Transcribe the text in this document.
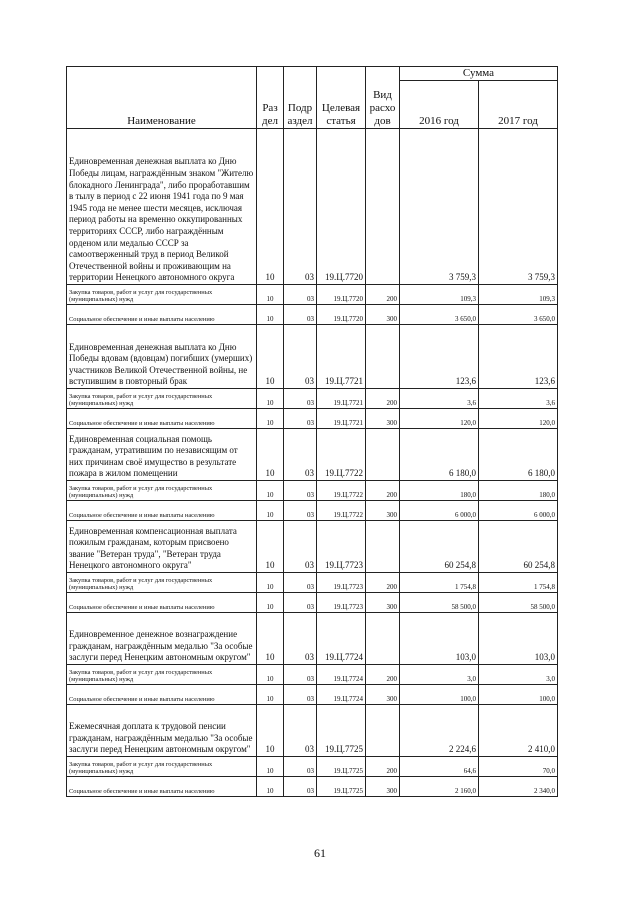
Наименование	Раз дел	Подр аздел	Целевая статья	Вид расхо дов	Сумма	
					2016 год	2017 год
Единовременная денежная выплата ко Дню Победы лицам, награждённым знаком "Жителю блокадного Ленинграда", либо проработавшим в тылу в период с 22 июня 1941 года по 9 мая 1945 года не менее шести месяцев, исключая период работы на временно оккупированных территориях СССР, либо награждённым орденом или медалью СССР за самоотверженный труд в период Великой Отечественной войны и проживающим на территории Ненецкого автономного округа	10	03	19.Ц.7720		3 759,3	3 759,3
Закупка товаров, работ и услуг для государственных (муниципальных) нужд	10	03	19.Ц.7720	200	109,3	109,3
Социальное обеспечение и иные выплаты населению	10	03	19.Ц.7720	300	3 650,0	3 650,0
Единовременная денежная выплата ко Дню Победы вдовам (вдовцам) погибших (умерших) участников Великой Отечественной войны, не вступившим в повторный брак	10	03	19.Ц.7721		123,6	123,6
Закупка товаров, работ и услуг для государственных (муниципальных) нужд	10	03	19.Ц.7721	200	3,6	3,6
Социальное обеспечение и иные выплаты населению	10	03	19.Ц.7721	300	120,0	120,0
Единовременная социальная помощь гражданам, утратившим по независящим от них причинам своё имущество в результате пожара в жилом помещении	10	03	19.Ц.7722		6 180,0	6 180,0
Закупка товаров, работ и услуг для государственных (муниципальных) нужд	10	03	19.Ц.7722	200	180,0	180,0
Социальное обеспечение и иные выплаты населению	10	03	19.Ц.7722	300	6 000,0	6 000,0
Единовременная компенсационная выплата пожилым гражданам, которым присвоено звание "Ветеран труда", "Ветеран труда Ненецкого автономного округа"	10	03	19.Ц.7723		60 254,8	60 254,8
Закупка товаров, работ и услуг для государственных (муниципальных) нужд	10	03	19.Ц.7723	200	1 754,8	1 754,8
Социальное обеспечение и иные выплаты населению	10	03	19.Ц.7723	300	58 500,0	58 500,0
Единовременное денежное вознаграждение гражданам, награждённым медалью "За особые заслуги перед Ненецким автономным округом"	10	03	19.Ц.7724		103,0	103,0
Закупка товаров, работ и услуг для государственных (муниципальных) нужд	10	03	19.Ц.7724	200	3,0	3,0
Социальное обеспечение и иные выплаты населению	10	03	19.Ц.7724	300	100,0	100,0
Ежемесячная доплата к трудовой пенсии гражданам, награждённым медалью "За особые заслуги перед Ненецким автономным округом"	10	03	19.Ц.7725		2 224,6	2 410,0
Закупка товаров, работ и услуг для государственных (муниципальных) нужд	10	03	19.Ц.7725	200	64,6	70,0
Социальное обеспечение и иные выплаты населению	10	03	19.Ц.7725	300	2 160,0	2 340,0
61
